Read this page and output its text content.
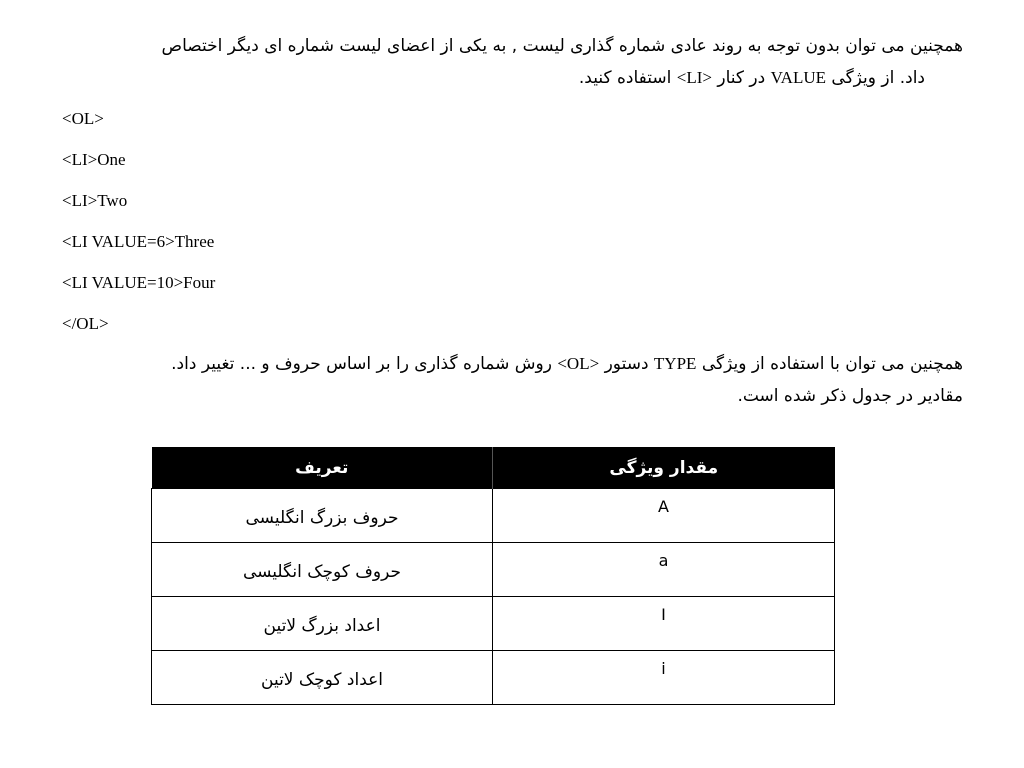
همچنین می توان بدون توجه به روند عادی شماره گذاری لیست , به یکی از اعضای لیست شماره ای دیگر اختصاص
داد. از ویژگی VALUE در کنار <LI> استفاده کنید.

<OL>

<LI>One

<LI>Two

<LI VALUE=6>Three

<LI VALUE=10>Four

</OL>

همچنین می توان با استفاده از ویژگی TYPE دستور <OL> روش شماره گذاری را بر اساس حروف و ... تغییر داد.
مقادیر در جدول ذکر شده است.

مقدار ویژگی	تعریف
A	حروف بزرگ انگلیسی
a	حروف کوچک انگلیسی
I	اعداد بزرگ لاتین
i	اعداد کوچک لاتین
